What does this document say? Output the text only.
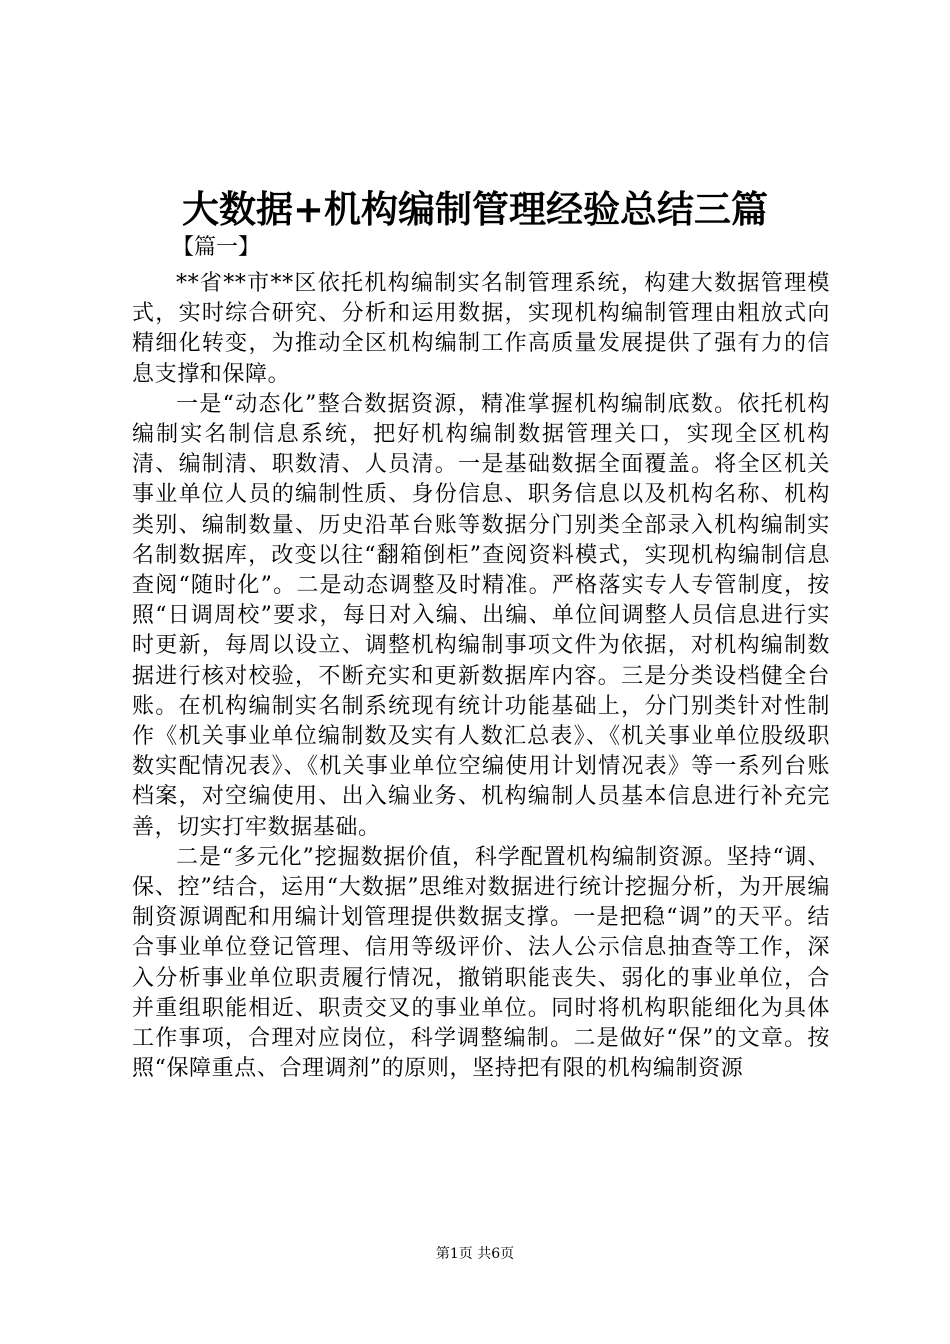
大数据+机构编制管理经验总结三篇
【篇一】

**省**市**区依托机构编制实名制管理系统，构建大数据管理模式，实时综合研究、分析和运用数据，实现机构编制管理由粗放式向精细化转变，为推动全区机构编制工作高质量发展提供了强有力的信息支撑和保障。

一是“动态化”整合数据资源，精准掌握机构编制底数。依托机构编制实名制信息系统，把好机构编制数据管理关口，实现全区机构清、编制清、职数清、人员清。一是基础数据全面覆盖。将全区机关事业单位人员的编制性质、身份信息、职务信息以及机构名称、机构类别、编制数量、历史沿革台账等数据分门别类全部录入机构编制实名制数据库，改变以往“翻箱倒柜”查阅资料模式，实现机构编制信息查阅“随时化”。二是动态调整及时精准。严格落实专人专管制度，按照“日调周校”要求，每日对入编、出编、单位间调整人员信息进行实时更新，每周以设立、调整机构编制事项文件为依据，对机构编制数据进行核对校验，不断充实和更新数据库内容。三是分类设档健全台账。在机构编制实名制系统现有统计功能基础上，分门别类针对性制作《机关事业单位编制数及实有人数汇总表》、《机关事业单位股级职数实配情况表》、《机关事业单位空编使用计划情况表》等一系列台账档案，对空编使用、出入编业务、机构编制人员基本信息进行补充完善，切实打牢数据基础。

二是“多元化”挖掘数据价值，科学配置机构编制资源。坚持“调、保、控”结合，运用“大数据”思维对数据进行统计挖掘分析，为开展编制资源调配和用编计划管理提供数据支撑。一是把稳“调”的天平。结合事业单位登记管理、信用等级评价、法人公示信息抽查等工作，深入分析事业单位职责履行情况，撤销职能丧失、弱化的事业单位，合并重组职能相近、职责交叉的事业单位。同时将机构职能细化为具体工作事项，合理对应岗位，科学调整编制。二是做好“保”的文章。按照“保障重点、合理调剂”的原则，坚持把有限的机构编制资源

第1页 共6页
